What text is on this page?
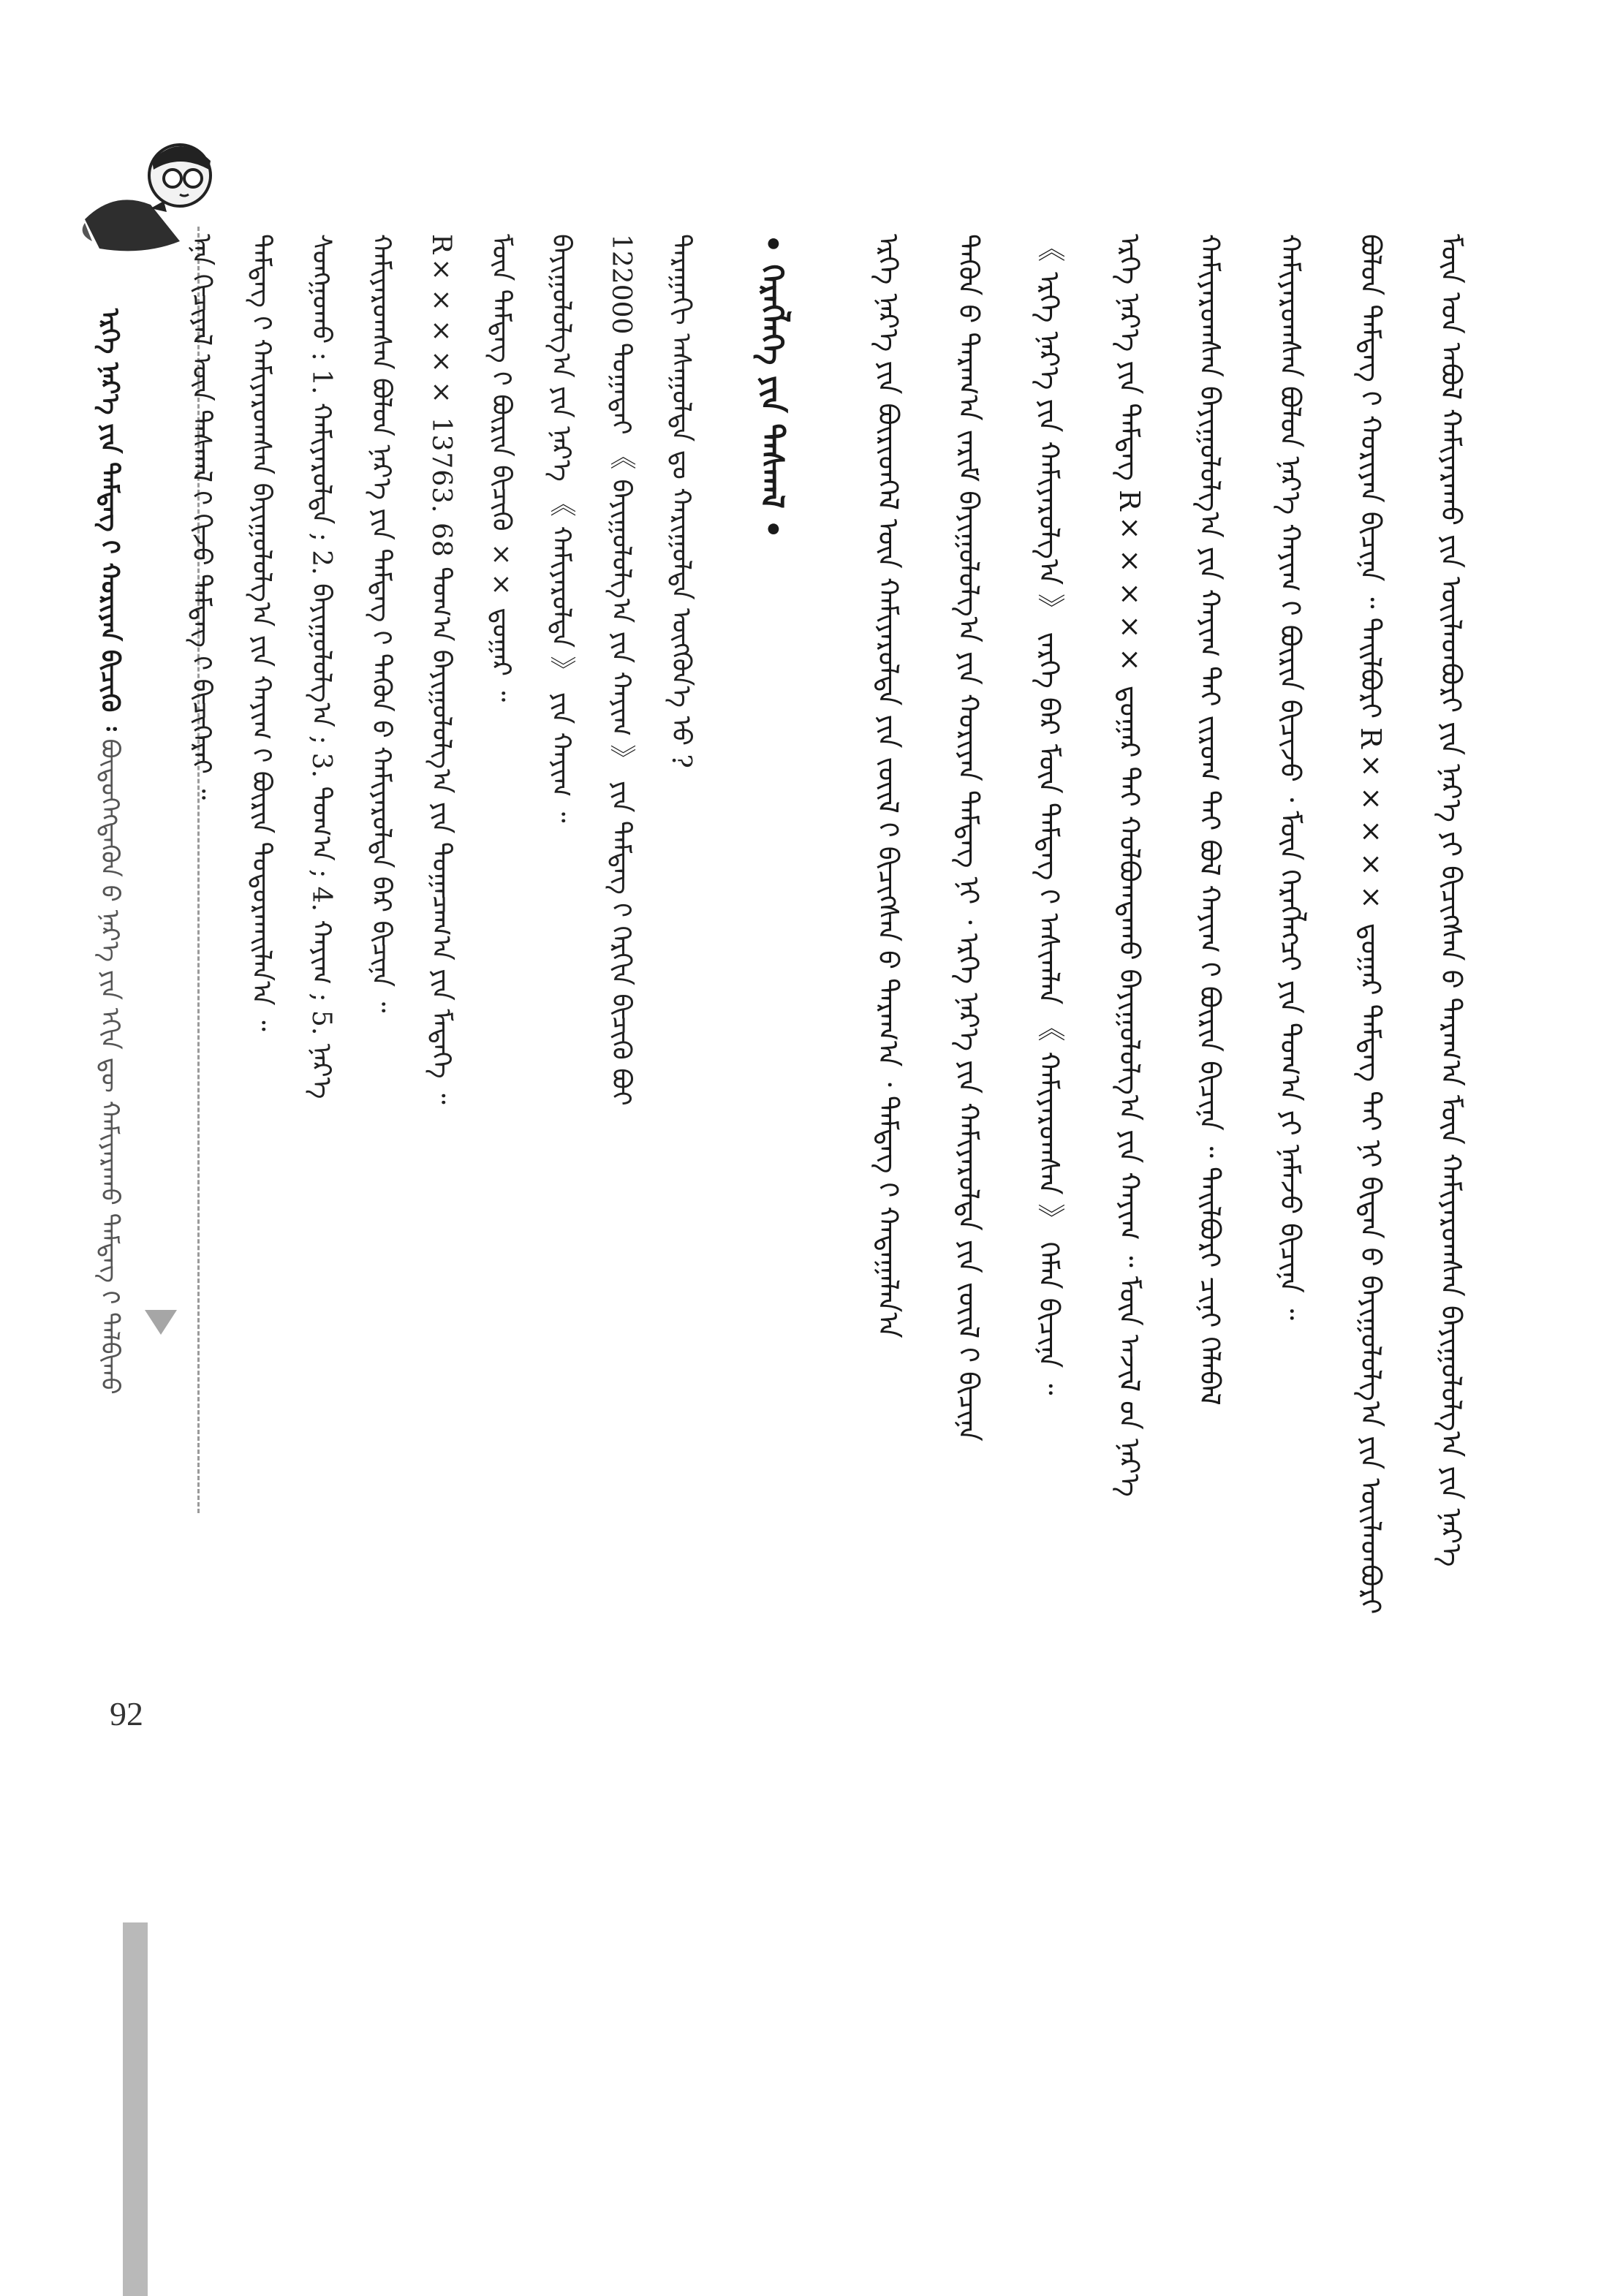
ᠡᠷᠬᠡ ᠨᠡᠷ᠎ᠡ ᠶᠢᠨ ᠲᠡᠮᠳᠡᠭ ᠢ᠋ ᠬᠤᠷᠢᠶᠠᠨ ᠪᠢᠴᠢᠬᠦ ᠄ ᠪᠦᠲᠦᠭᠡᠭᠳᠡᠬᠦᠨ ᠦ᠌ ᠨᠡᠷ᠎ᠡ ᠶᠢᠨ ᠡᠬᠢᠨ ᠳᠦ ᠬᠠᠮᠢᠶᠠᠷᠠᠬᠤ ᠲᠡᠮᠳᠡᠭ ᠢ᠋ ᠲᠠᠯᠪᠢᠬᠤ	ᠮᠥᠨ ᠤᠨ ᠠᠪᠤᠯ ᠬᠠᠮᠢᠶᠠᠷᠠᠬᠤ ᠶᠢᠨ ᠦᠢᠯᠡᠳᠪᠦᠷᠢ ᠶᠢᠨ ᠨᠡᠷ᠎ᠡ ᠶᠢ ᠪᠢᠴᠢᠭᠰᠡᠨ ᠤ᠋ ᠳᠠᠷᠠᠭ᠎ᠠ ᠮᠥᠨ ᠬᠠᠮᠢᠶᠠᠷᠤᠭᠰᠠᠨ ᠪᠠᠶᠢᠭᠤᠯᠤᠯᠭ᠎ᠠ ᠶᠢᠨ ᠨᠡᠷ᠎ᠡ
ᠪᠣᠯᠤᠨ ᠲᠡᠮᠳᠡᠭ ᠢ᠋ ᠬᠤᠷᠢᠶᠠᠨ ᠪᠢᠴᠢᠨᠡ ᠃ ᠲᠠᠢᠯᠪᠤᠷᠢ R××××× ᠳ᠋ᠤᠭᠠᠷ ᠲᠡᠮᠳᠡᠭ ᠲᠡᠢ ᠨᠢ ᠪᠢᠳᠡᠨ ᠦ᠌ ᠪᠠᠶᠢᠭᠤᠯᠤᠯᠭ᠎ᠠ ᠶᠢᠨ ᠦᠢᠯᠡᠳᠪᠦᠷᠢ
ᠬᠠᠮᠢᠶᠠᠷᠤᠭᠰᠠᠨ ᠪᠣᠯᠤᠨ ᠨᠡᠷ᠎ᠡ ᠬᠠᠶᠢᠭ ᠢ᠋ ᠪᠦᠷᠢᠨ ᠪᠢᠴᠢᠵᠦ ᠂ ᠮᠥᠨ ᠬᠡᠷᠡᠭᠯᠡᠭᠴᠢ ᠶᠢᠨ ᠲᠣᠭ᠎ᠠ ᠶᠢ ᠨᠡᠮᠡᠵᠦ ᠪᠢᠴᠢᠨᠡ ᠃
ᠬᠠᠮᠢᠶᠠᠷᠤᠭᠰᠠᠨ ᠪᠠᠶᠢᠭᠤᠯᠤᠯᠭ᠎ᠠ ᠶᠢᠨ ᠬᠠᠶᠢᠭ ᠲᠠᠢ ᠵᠢᠷᠤᠭ ᠲᠡᠢ ᠪᠣᠯ ᠬᠠᠶᠢᠭ ᠢ᠋ ᠪᠦᠷᠢᠨ ᠪᠢᠴᠢᠨᠡ ᠃ ᠲᠠᠢᠯᠪᠤᠷᠢ ᠴᠢᠨᠢ ᠬᠡᠯᠡᠪᠡᠯ
ᠡᠷᠬᠡ ᠨᠡᠷ᠎ᠡ ᠶᠢᠨ ᠲᠡᠮᠳᠡᠭ R××××× ᠳ᠋ᠤᠭᠠᠷ ᠲᠡᠢ ᠬᠣᠯᠪᠣᠭᠳᠠᠬᠤ ᠪᠠᠶᠢᠭᠤᠯᠤᠯᠭ᠎ᠠ ᠶᠢᠨ ᠬᠠᠶᠢᠭ ᠃ ᠮᠥᠨ ᠠᠵᠢᠯ ᠤ᠋ᠨ ᠨᠡᠷ᠎ᠡ
《 ᠡᠷᠬᠡ ᠨᠡᠷ᠎ᠡ ᠶᠢᠨ ᠬᠠᠮᠢᠶᠠᠷᠤᠯᠭ᠎ᠠ 》 ᠵᠡᠷᠭᠡ ᠪᠠᠷ ᠮᠥᠨ ᠲᠡᠮᠳᠡᠭ ᠢ᠋ ᠠᠰᠢᠭᠯᠠᠨ 《 ᠬᠠᠮᠢᠶᠠᠷᠤᠭᠰᠠᠨ 》 ᠬᠡᠮᠡᠨ ᠪᠢᠴᠢᠨᠡ ᠃
ᠲᠡᠭᠦᠨ ᠦ᠌ ᠳᠠᠷᠠᠭ᠎ᠠ ᠵᠠᠷᠢᠮ ᠪᠠᠶᠢᠭᠤᠯᠤᠯᠭ᠎ᠠ ᠶᠢᠨ ᠬᠣᠷᠢᠶᠠᠨ ᠲᠡᠮᠳᠡᠭ ᠨᠢ ᠂ ᠡᠷᠬᠡ ᠨᠡᠷ᠎ᠡ ᠶᠢᠨ ᠬᠠᠮᠢᠶᠠᠷᠤᠯᠲᠠ ᠶᠢᠨ ᠵᠦᠢᠯ ᠢ᠋ ᠪᠢᠴᠢᠨᠡ
ᠡᠷᠬᠡ ᠨᠡᠷ᠎ᠡ ᠶᠢᠨ ᠪᠦᠷᠢᠳᠬᠡᠯ ᠦ᠌ᠨ ᠬᠠᠮᠢᠶᠠᠷᠤᠯᠲᠠ ᠶᠢᠨ ᠵᠦᠢᠯ ᠢ᠋ ᠪᠢᠴᠢᠭᠰᠡᠨ ᠤ᠋ ᠳᠠᠷᠠᠭ᠎ᠠ ᠂ ᠲᠡᠮᠳᠡᠭ ᠢ᠋ ᠬᠠᠳᠠᠭᠠᠯᠠᠨ᠎ᠠ
• ᠬᠡᠷᠡᠭᠯᠡᠭᠡ ᠶᠢᠨ ᠳᠠᠰᠬᠠᠯ •
ᠳᠠᠷᠠᠭᠠᠬᠢ ᠠᠰᠠᠭᠤᠯᠲᠠ ᠳᠤ ᠬᠠᠷᠢᠭᠤᠯᠲᠠ ᠥᠭᠭᠦᠨ᠎ᠡ ᠡᠦ ?
122000 ᠲᠣᠭᠠᠲᠠᠢ 《 ᠪᠠᠶᠢᠭᠤᠯᠤᠯᠭ᠎ᠠ ᠶᠢᠨ ᠬᠠᠶᠢᠭ 》 ᠶᠢᠨ ᠲᠡᠮᠳᠡᠭ ᠢ᠋ ᠬᠡᠷᠬᠢᠨ ᠪᠢᠴᠢᠬᠦ ᠪᠤᠢ
ᠪᠠᠶᠢᠭᠤᠯᠤᠯᠭ᠎ᠠ ᠶᠢᠨ ᠨᠡᠷ᠎ᠡ 《 ᠬᠠᠮᠢᠶᠠᠷᠤᠯᠲᠠ 》 ᠶᠢᠨ ᠬᠠᠶᠢᠭ ᠃
ᠮᠥᠨ ᠲᠡᠮᠳᠡᠭ ᠢ᠋ ᠪᠦᠷᠢᠨ ᠪᠢᠴᠢᠬᠦ ×× ᠳ᠋ᠤᠭᠠᠷ ᠃
R××××× 13763. 68 ᠲᠣᠭ᠎ᠠ ᠪᠠᠶᠢᠭᠤᠯᠤᠯᠭ᠎ᠠ ᠶᠢᠨ ᠲᠣᠭᠠᠴᠠᠭ᠎ᠠ ᠶᠢᠨ ᠮᠡᠳᠡᠭᠡ ᠃
ᠬᠠᠮᠢᠶᠠᠷᠤᠭᠰᠠᠨ ᠪᠣᠯᠤᠨ ᠨᠡᠷ᠎ᠡ ᠶᠢᠨ ᠲᠡᠮᠳᠡᠭ ᠢ᠋ ᠲᠡᠭᠦᠨ ᠦ᠌ ᠬᠠᠮᠢᠶᠠᠷᠤᠯᠲᠠ ᠪᠠᠷ ᠪᠢᠴᠢᠨᠡ ᠃
ᠰᠣᠩᠭᠣᠬᠤ : 1. ᠬᠠᠮᠢᠶᠠᠷᠤᠯᠲᠠ ; 2. ᠪᠠᠶᠢᠭᠤᠯᠤᠯᠭ᠎ᠠ ; 3. ᠲᠣᠭ᠎ᠠ ; 4. ᠬᠠᠶᠢᠭ ; 5. ᠨᠡᠷ᠎ᠡ
ᠲᠡᠮᠳᠡᠭ ᠢ᠋ ᠬᠠᠮᠢᠶᠠᠷᠤᠭᠰᠠᠨ ᠪᠠᠶᠢᠭᠤᠯᠤᠯᠭ᠎ᠠ ᠶᠢᠨ ᠬᠠᠶᠢᠭ ᠢ᠋ ᠪᠦᠷᠢᠨ ᠲᠣᠳᠤᠷᠬᠠᠢᠯᠠᠨ᠎ᠠ ᠃
92
ᠡᠨᠡ ᠬᠢᠴᠢᠶᠡᠯ ᠦ᠌ᠨ ᠳᠠᠰᠬᠠᠯ ᠢ᠋ ᠬᠢᠵᠦ ᠲᠡᠮᠳᠡᠭ ᠢ᠋ ᠪᠢᠴᠢᠭᠡᠷᠡᠢ ᠃
